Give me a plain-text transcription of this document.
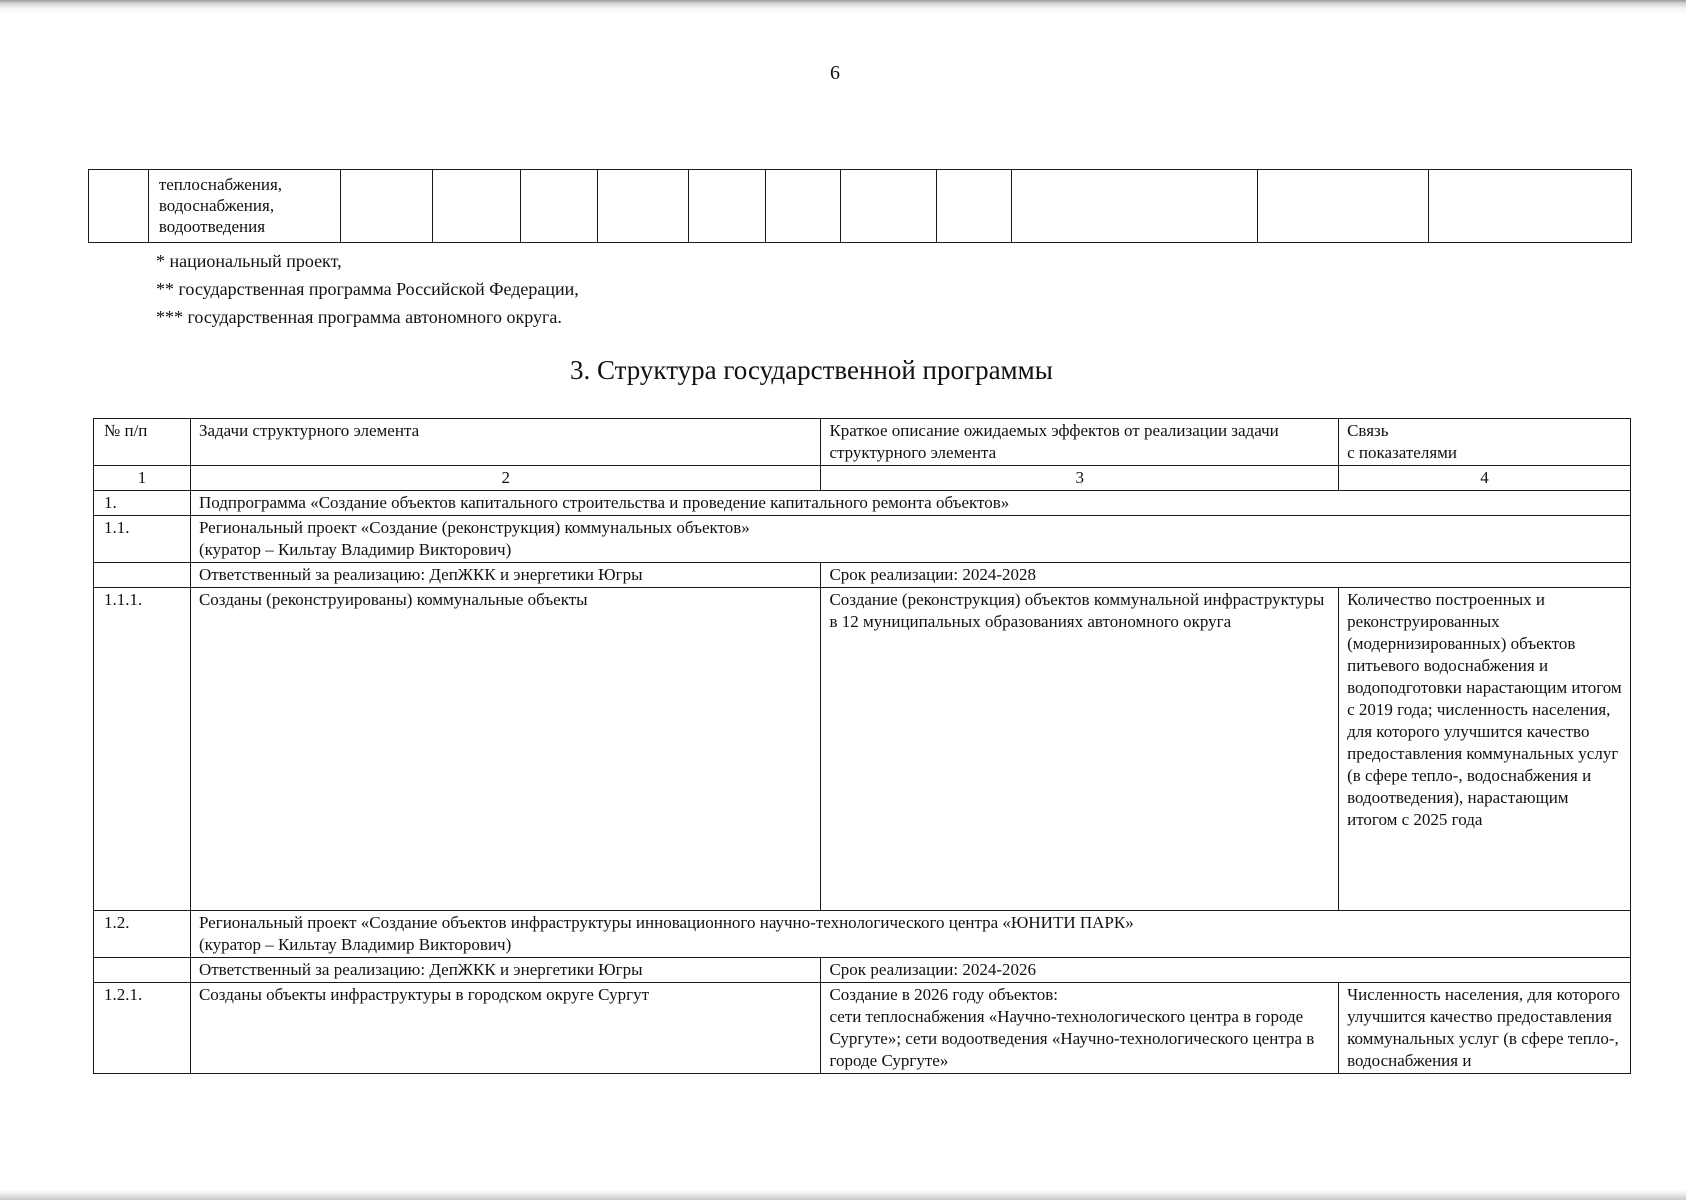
6
	теплоснабжения,
водоснабжения,
водоотведения											
* национальный проект,
** государственная программа Российской Федерации,
*** государственная программа автономного округа.
3. Структура государственной программы
№ п/п	Задачи структурного элемента	Краткое описание ожидаемых эффектов от реализации задачи структурного элемента	Связь
с показателями
1	2	3	4
1.	Подпрограмма «Создание объектов капитального строительства и проведение капитального ремонта объектов»		
1.1.	Региональный проект «Создание (реконструкция) коммунальных объектов»
(куратор – Кильтау Владимир Викторович)		
	Ответственный за реализацию: ДепЖКК и энергетики Югры	Срок реализации: 2024-2028	
1.1.1.	Созданы (реконструированы) коммунальные объекты	Создание (реконструкция) объектов коммунальной инфраструктуры в 12 муниципальных образованиях автономного округа	Количество построенных и реконструированных (модернизированных) объектов питьевого водоснабжения и водоподготовки нарастающим итогом с 2019 года; численность населения, для которого улучшится качество предоставления коммунальных услуг (в сфере тепло-, водоснабжения и водоотведения), нарастающим итогом с 2025 года
1.2.	Региональный проект «Создание объектов инфраструктуры инновационного научно-технологического центра «ЮНИТИ ПАРК»
(куратор – Кильтау Владимир Викторович)		
	Ответственный за реализацию: ДепЖКК и энергетики Югры	Срок реализации: 2024-2026	
1.2.1.	Созданы объекты инфраструктуры в городском округе Сургут	Создание в 2026 году объектов:
сети теплоснабжения «Научно-технологического центра в городе Сургуте»; сети водоотведения «Научно-технологического центра в городе Сургуте»	Численность населения, для которого улучшится качество предоставления коммунальных услуг (в сфере тепло-, водоснабжения и
